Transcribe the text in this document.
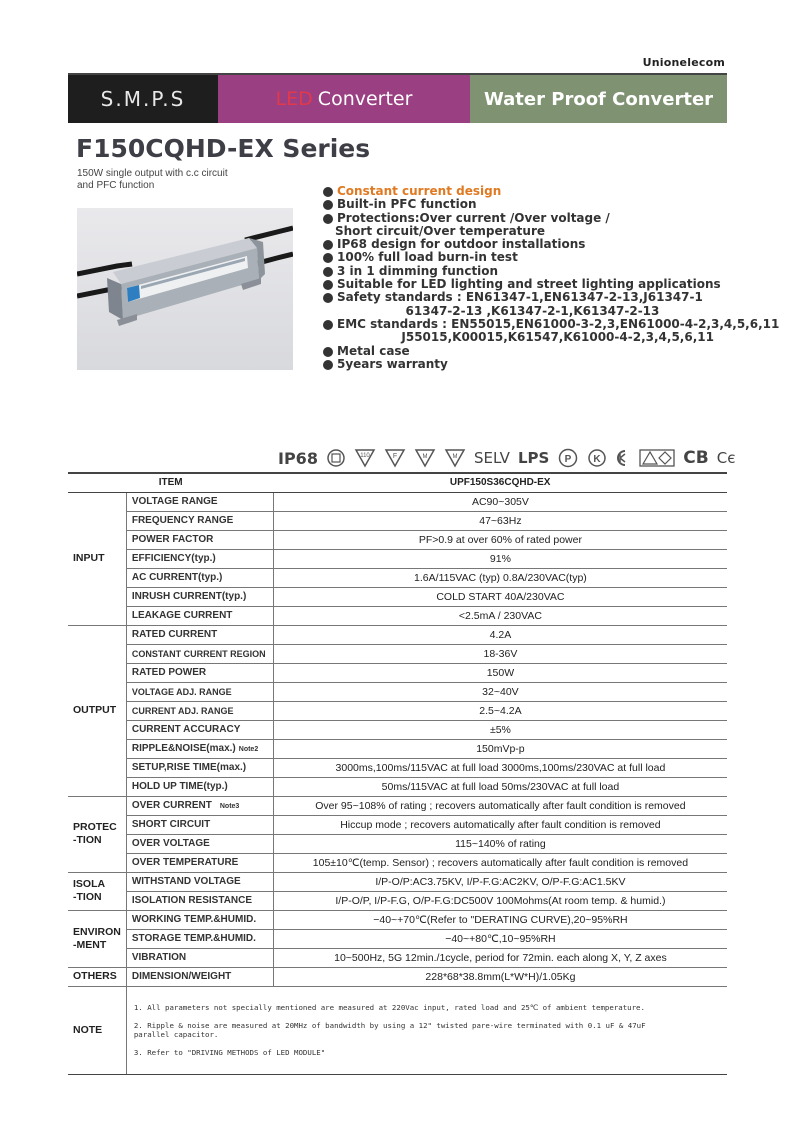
Unionelecom
S.M.P.S	LED Converter	Water Proof Converter
F150CQHD-EX Series
150W single output with c.c circuit
and PFC function	Constant current design
Built-in PFC function
Protections:Over current /Over voltage /
Short circuit/Over temperature
IP68 design for outdoor installations
100% full load burn-in test
3 in 1 dimming function
Suitable for LED lighting and street lighting applications
Safety standards : EN61347-1,EN61347-2-13,J61347-1
61347-2-13 ,K61347-2-1,K61347-2-13
EMC standards : EN55015,EN61000-3-2,3,EN61000-4-2,3,4,5,6,11
J55015,K00015,K61547,K61000-4-2,3,4,5,6,11
Metal case
5years warranty
IP68	110	F	M	M SELV LPS P K	CB Cє
ITEM		UPF150S36CQHD-EX
INPUT	VOLTAGE RANGE	AC90~305V
	FREQUENCY RANGE	47~63Hz
	POWER FACTOR	PF>0.9 at over 60% of rated power
	EFFICIENCY(typ.)	91%
	AC CURRENT(typ.)	1.6A/115VAC (typ) 0.8A/230VAC(typ)
	INRUSH CURRENT(typ.)	COLD START 40A/230VAC
	LEAKAGE CURRENT	<2.5mA / 230VAC
OUTPUT	RATED CURRENT	4.2A
	CONSTANT CURRENT REGION	18-36V
	RATED POWER	150W
	VOLTAGE ADJ. RANGE	32~40V
	CURRENT ADJ. RANGE	2.5~4.2A
	CURRENT ACCURACY	±5%
	RIPPLE&NOISE(max.) Note2	150mVp-p
	SETUP,RISE TIME(max.)	3000ms,100ms/115VAC at full load 3000ms,100ms/230VAC at full load
	HOLD UP TIME(typ.)	50ms/115VAC at full load 50ms/230VAC at full load

PROTEC
-TION	OVER CURRENT Note3	Over 95~108% of rating ; recovers automatically after fault condition is removed
	SHORT CIRCUIT	Hiccup mode ; recovers automatically after fault condition is removed
	OVER VOLTAGE	115~140% of rating
	OVER TEMPERATURE	105±10℃(temp. Sensor) ; recovers automatically after fault condition is removed

ISOLA
-TION	WITHSTAND VOLTAGE	I/P-O/P:AC3.75KV, I/P-F.G:AC2KV, O/P-F.G:AC1.5KV
	ISOLATION RESISTANCE	I/P-O/P, I/P-F.G, O/P-F.G:DC500V 100Mohms(At room temp. & humid.)

ENVIRON
-MENT	WORKING TEMP.&HUMID.	−40~+70℃(Refer to "DERATING CURVE),20~95%RH
	STORAGE TEMP.&HUMID.	−40~+80℃,10~95%RH
	VIBRATION	10~500Hz, 5G 12min./1cycle, period for 72min. each along X, Y, Z axes
OTHERS	DIMENSION/WEIGHT	228*68*38.8mm(L*W*H)/1.05Kg
NOTE	1. All parameters not specially mentioned are measured at 220Vac input, rated load and 25℃ of ambient temperature.

2. Ripple & noise are measured at 20MHz of bandwidth by using a 12" twisted pare-wire terminated with 0.1 uF & 47uF
parallel capacitor.

3. Refer to "DRIVING METHODS of LED MODULE"	
